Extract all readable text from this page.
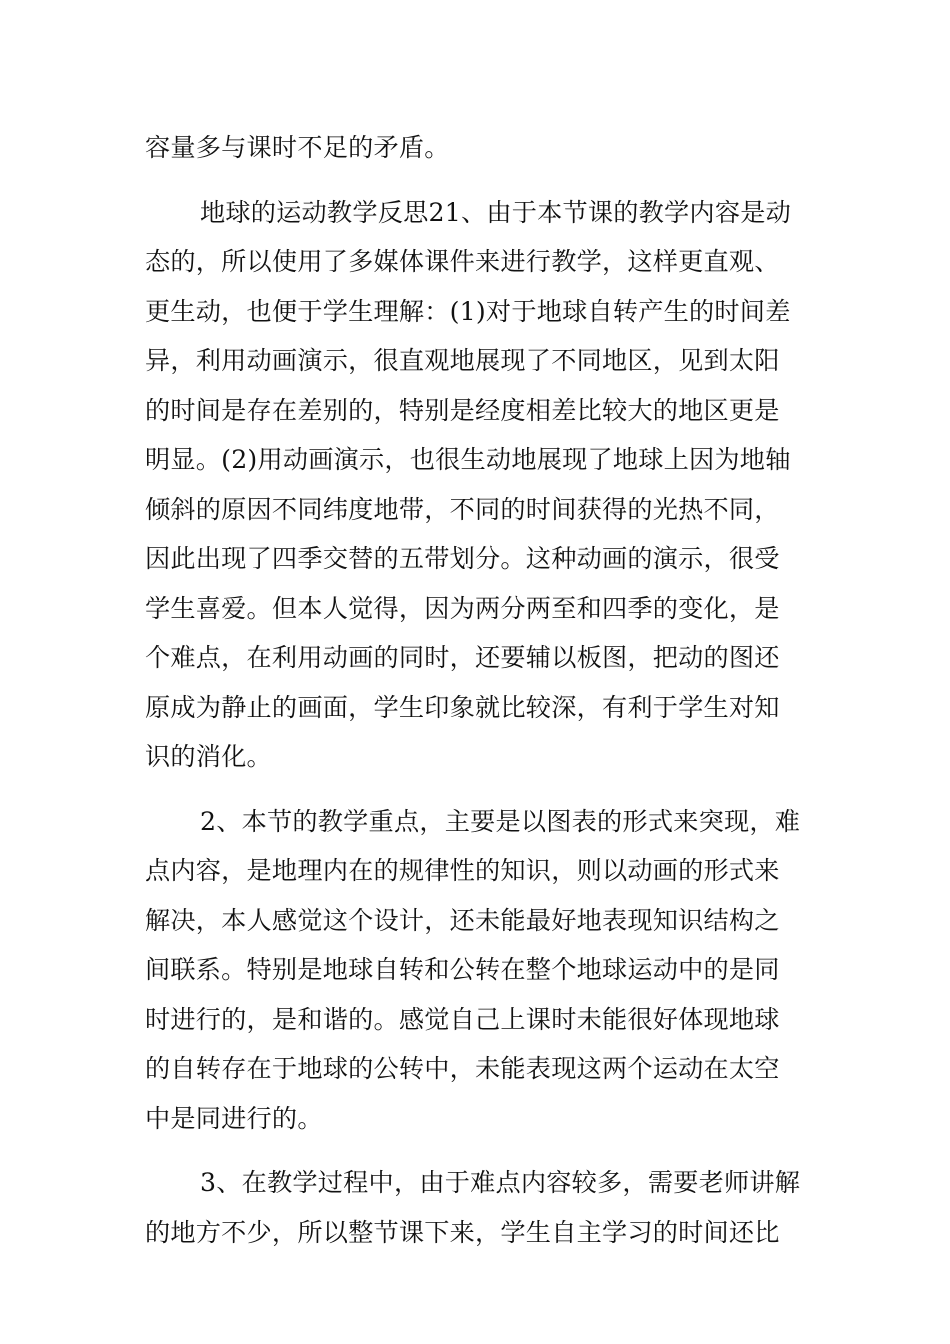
容量多与课时不足的矛盾。
地球的运动教学反思21、由于本节课的教学内容是动
态的，所以使用了多媒体课件来进行教学，这样更直观、
更生动，也便于学生理解：(1)对于地球自转产生的时间差
异，利用动画演示，很直观地展现了不同地区，见到太阳
的时间是存在差别的，特别是经度相差比较大的地区更是
明显。(2)用动画演示，也很生动地展现了地球上因为地轴
倾斜的原因不同纬度地带，不同的时间获得的光热不同，
因此出现了四季交替的五带划分。这种动画的演示，很受
学生喜爱。但本人觉得，因为两分两至和四季的变化，是
个难点，在利用动画的同时，还要辅以板图，把动的图还
原成为静止的画面，学生印象就比较深，有利于学生对知
识的消化。
2、本节的教学重点，主要是以图表的形式来突现，难
点内容，是地理内在的规律性的知识，则以动画的形式来
解决，本人感觉这个设计，还未能最好地表现知识结构之
间联系。特别是地球自转和公转在整个地球运动中的是同
时进行的，是和谐的。感觉自己上课时未能很好体现地球
的自转存在于地球的公转中，未能表现这两个运动在太空
中是同进行的。
3、在教学过程中，由于难点内容较多，需要老师讲解
的地方不少，所以整节课下来，学生自主学习的时间还比
